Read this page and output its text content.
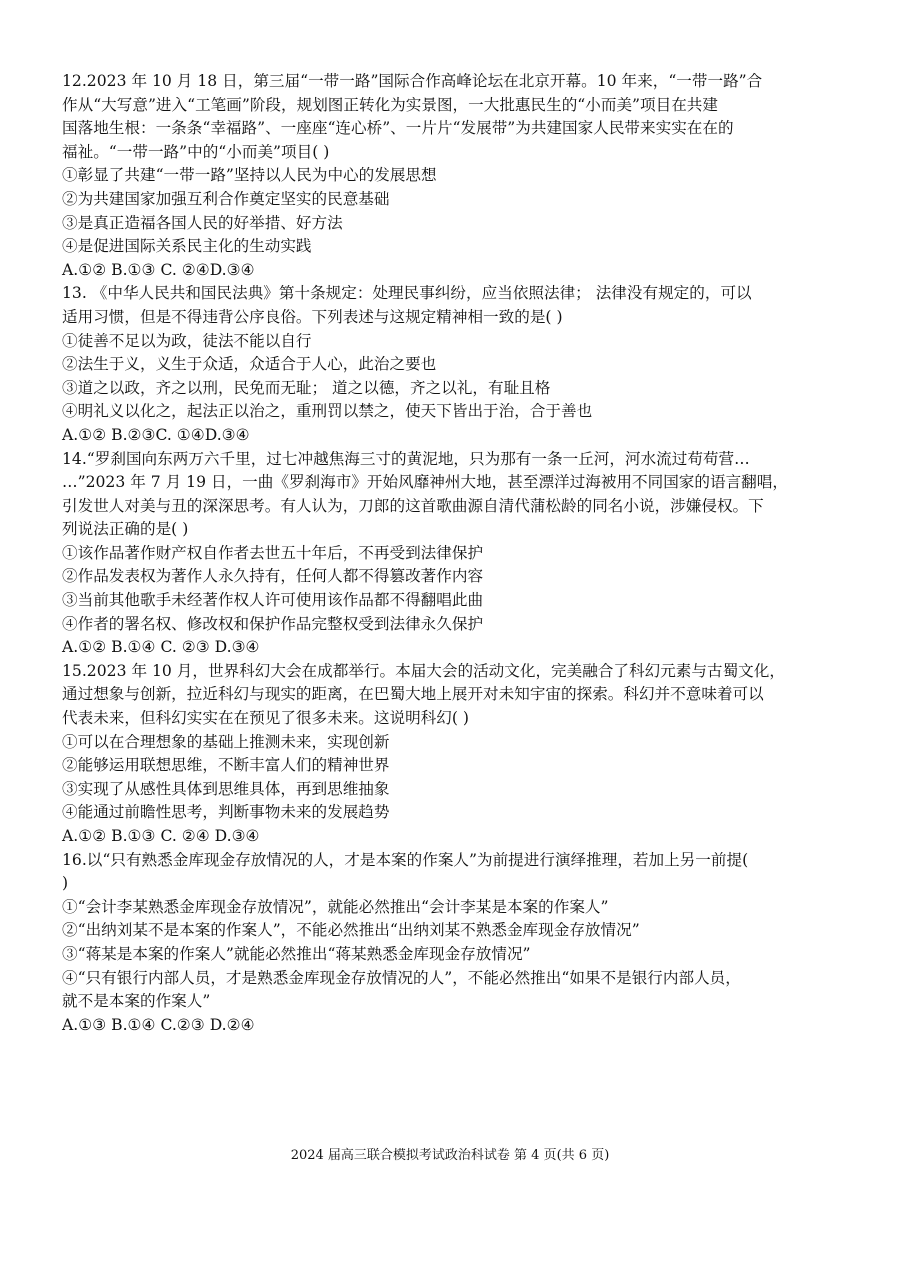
12.2023 年 10 月 18 日，第三届“一带一路”国际合作高峰论坛在北京开幕。10 年来，“一带一路”合
作从“大写意”进入“工笔画”阶段，规划图正转化为实景图，一大批惠民生的“小而美”项目在共建
国落地生根：一条条“幸福路”、一座座“连心桥”、一片片“发展带”为共建国家人民带来实实在在的
福祉。“一带一路”中的“小而美”项目( )
①彰显了共建“一带一路”坚持以人民为中心的发展思想
②为共建国家加强互利合作奠定坚实的民意基础
③是真正造福各国人民的好举措、好方法
④是促进国际关系民主化的生动实践
A.①② B.①③ C. ②④D.③④
13. 《中华人民共和国民法典》第十条规定：处理民事纠纷，应当依照法律； 法律没有规定的，可以
适用习惯，但是不得违背公序良俗。下列表述与这规定精神相一致的是( )
①徒善不足以为政，徒法不能以自行
②法生于义，义生于众适，众适合于人心，此治之要也
③道之以政，齐之以刑，民免而无耻； 道之以德，齐之以礼，有耻且格
④明礼义以化之，起法正以治之，重刑罚以禁之，使天下皆出于治，合于善也
A.①② B.②③C. ①④D.③④
14.“罗刹国向东两万六千里，过七冲越焦海三寸的黄泥地，只为那有一条一丘河，河水流过苟苟营…
…”2023 年 7 月 19 日，一曲《罗刹海市》开始风靡神州大地，甚至漂洋过海被用不同国家的语言翻唱，
引发世人对美与丑的深深思考。有人认为，刀郎的这首歌曲源自清代蒲松龄的同名小说，涉嫌侵权。下
列说法正确的是( )
①该作品著作财产权自作者去世五十年后，不再受到法律保护
②作品发表权为著作人永久持有，任何人都不得篡改著作内容
③当前其他歌手未经著作权人许可使用该作品都不得翻唱此曲
④作者的署名权、修改权和保护作品完整权受到法律永久保护
A.①② B.①④ C. ②③ D.③④
15.2023 年 10 月，世界科幻大会在成都举行。本届大会的活动文化，完美融合了科幻元素与古蜀文化，
通过想象与创新，拉近科幻与现实的距离，在巴蜀大地上展开对未知宇宙的探索。科幻并不意味着可以
代表未来，但科幻实实在在预见了很多未来。这说明科幻( )
①可以在合理想象的基础上推测未来，实现创新
②能够运用联想思维，不断丰富人们的精神世界
③实现了从感性具体到思维具体，再到思维抽象
④能通过前瞻性思考，判断事物未来的发展趋势
A.①② B.①③ C. ②④ D.③④
16.以“只有熟悉金库现金存放情况的人，才是本案的作案人”为前提进行演绎推理，若加上另一前提(
)
①“会计李某熟悉金库现金存放情况”，就能必然推出“会计李某是本案的作案人”
②“出纳刘某不是本案的作案人”，不能必然推出“出纳刘某不熟悉金库现金存放情况”
③“蒋某是本案的作案人”就能必然推出“蒋某熟悉金库现金存放情况”
④“只有银行内部人员，才是熟悉金库现金存放情况的人”，不能必然推出“如果不是银行内部人员，
就不是本案的作案人”
A.①③ B.①④ C.②③ D.②④
2024 届高三联合模拟考试政治科试卷 第 4 页(共 6 页)
